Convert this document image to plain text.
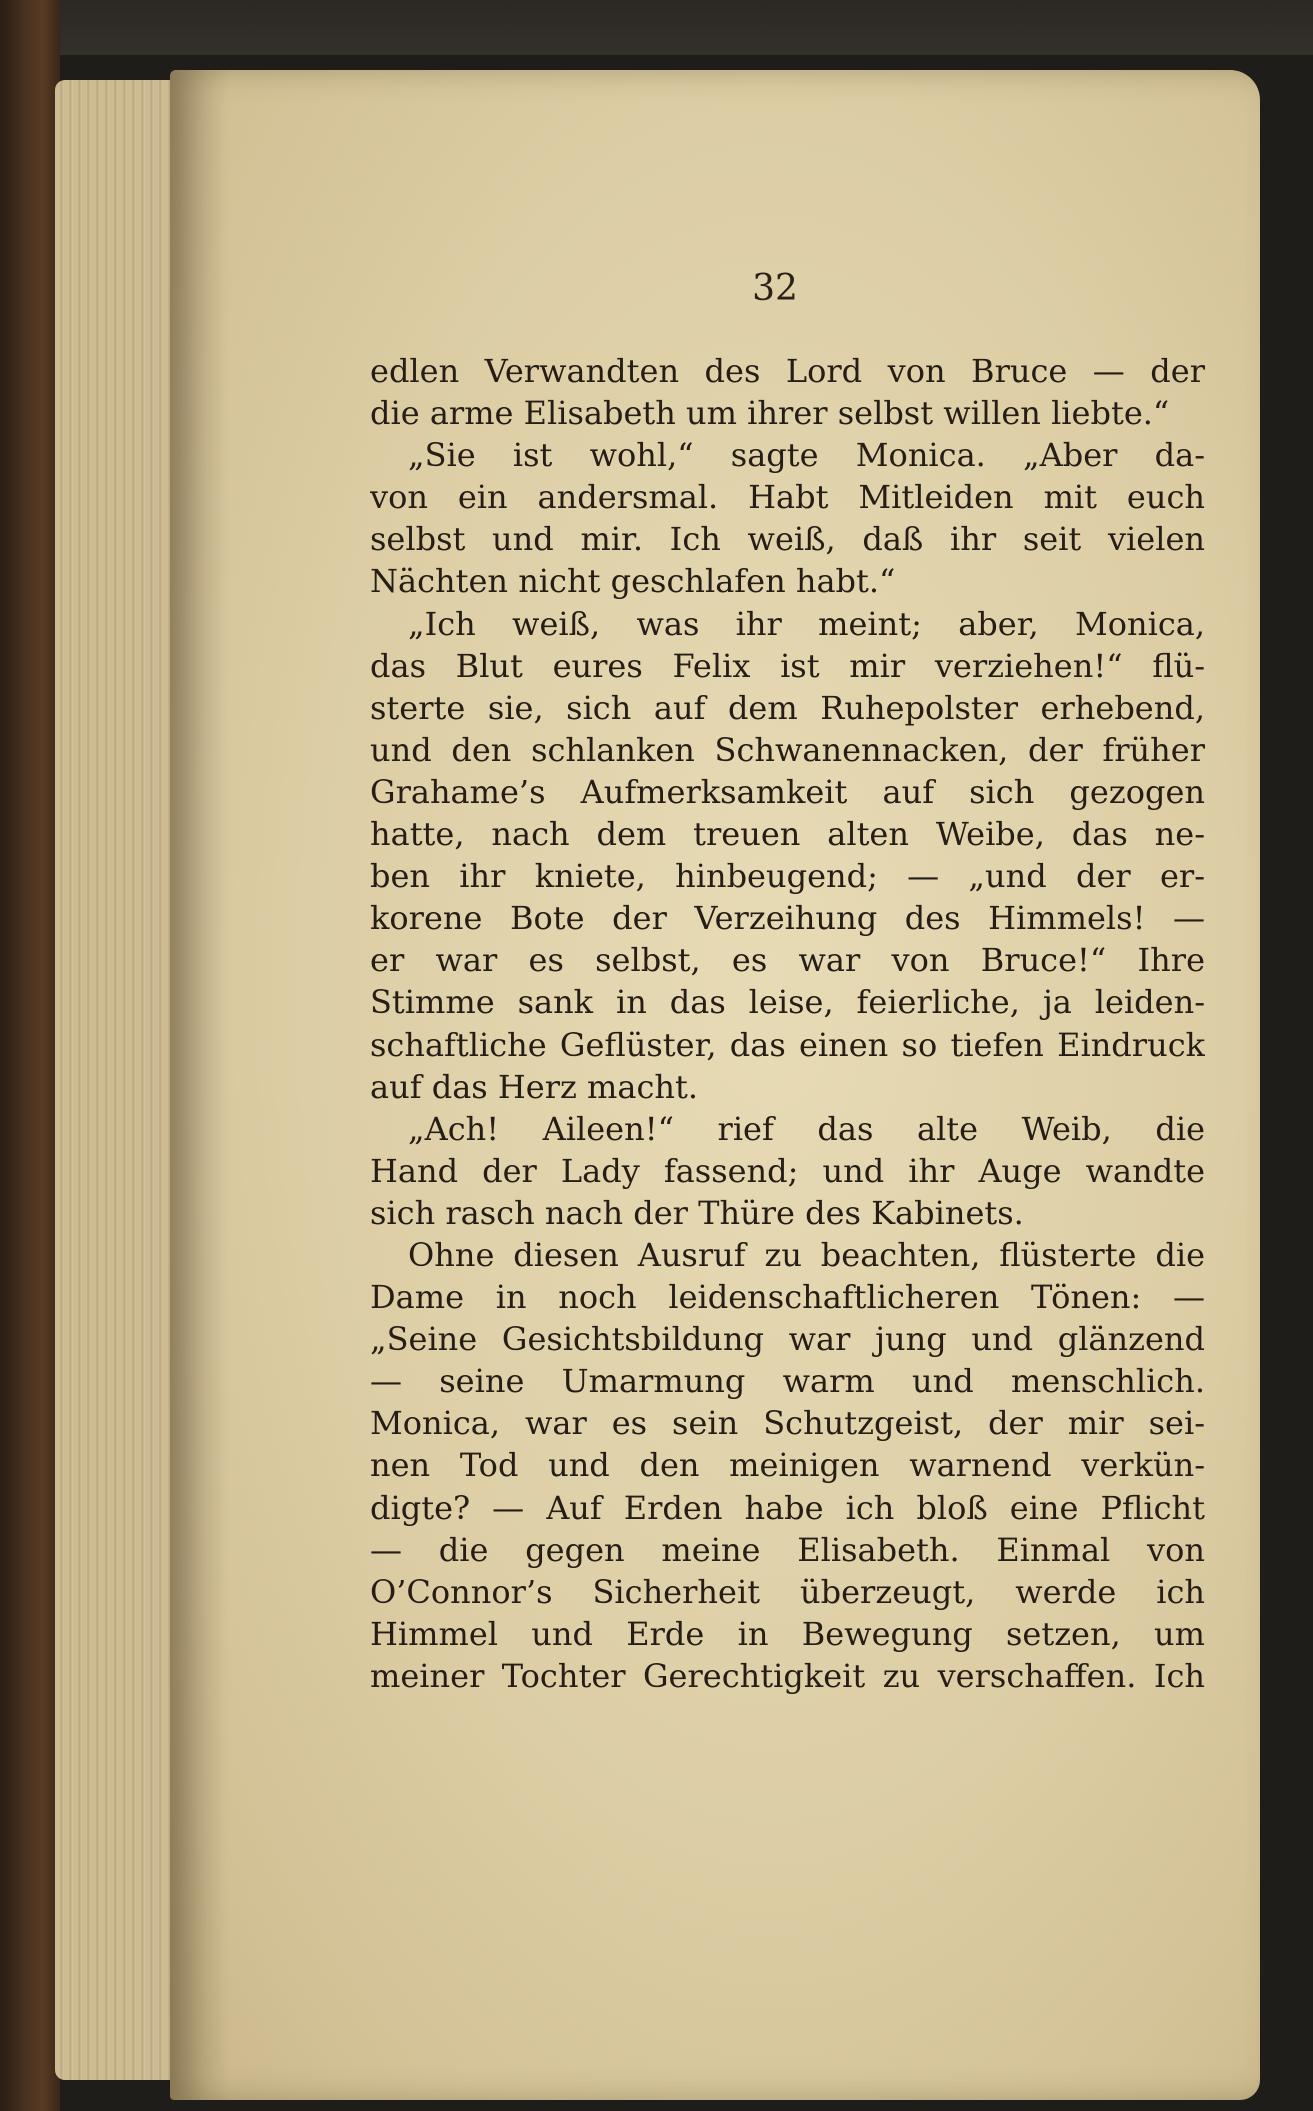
32
edlen Verwandten des Lord von Bruce — der
die arme Elisabeth um ihrer selbst willen liebte.“
„Sie ist wohl,“ sagte Monica. „Aber da-
von ein andersmal. Habt Mitleiden mit euch
selbst und mir. Ich weiß, daß ihr seit vielen
Nächten nicht geschlafen habt.“
„Ich weiß, was ihr meint; aber, Monica,
das Blut eures Felix ist mir verziehen!“ flü-
sterte sie, sich auf dem Ruhepolster erhebend,
und den schlanken Schwanennacken, der früher
Grahame’s Aufmerksamkeit auf sich gezogen
hatte, nach dem treuen alten Weibe, das ne-
ben ihr kniete, hinbeugend; — „und der er-
korene Bote der Verzeihung des Himmels! —
er war es selbst, es war von Bruce!“ Ihre
Stimme sank in das leise, feierliche, ja leiden-
schaftliche Geflüster, das einen so tiefen Eindruck
auf das Herz macht.
„Ach! Aileen!“ rief das alte Weib, die
Hand der Lady fassend; und ihr Auge wandte
sich rasch nach der Thüre des Kabinets.
Ohne diesen Ausruf zu beachten, flüsterte die
Dame in noch leidenschaftlicheren Tönen: —
„Seine Gesichtsbildung war jung und glänzend
— seine Umarmung warm und menschlich.
Monica, war es sein Schutzgeist, der mir sei-
nen Tod und den meinigen warnend verkün-
digte? — Auf Erden habe ich bloß eine Pflicht
— die gegen meine Elisabeth. Einmal von
O’Connor’s Sicherheit überzeugt, werde ich
Himmel und Erde in Bewegung setzen, um
meiner Tochter Gerechtigkeit zu verschaffen. Ich
